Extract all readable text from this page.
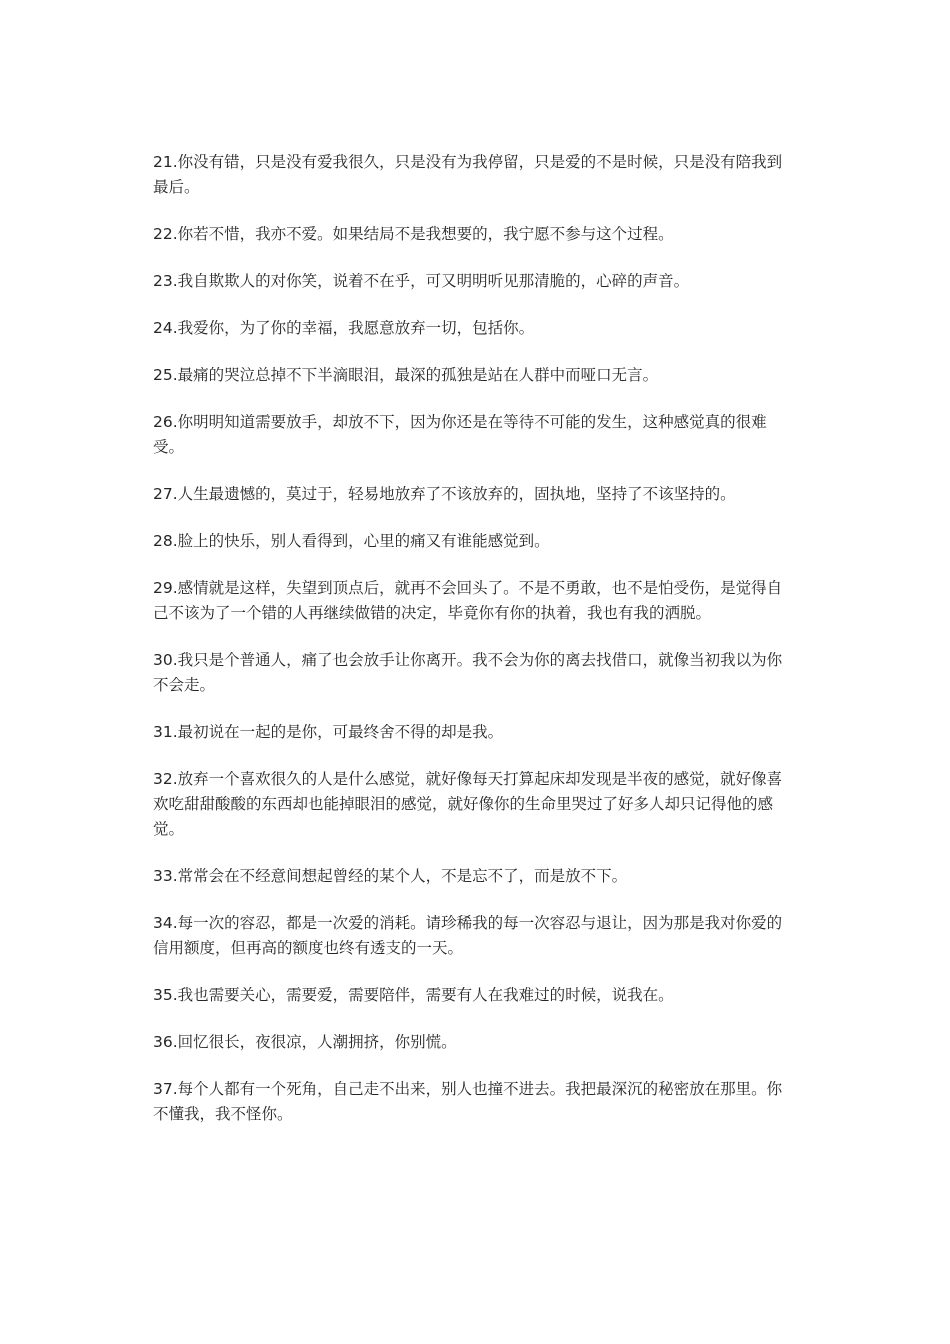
21.你没有错，只是没有爱我很久，只是没有为我停留，只是爱的不是时候，只是没有陪我到最后。

22.你若不惜，我亦不爱。如果结局不是我想要的，我宁愿不参与这个过程。

23.我自欺欺人的对你笑，说着不在乎，可又明明听见那清脆的，心碎的声音。

24.我爱你，为了你的幸福，我愿意放弃一切，包括你。

25.最痛的哭泣总掉不下半滴眼泪，最深的孤独是站在人群中而哑口无言。

26.你明明知道需要放手，却放不下，因为你还是在等待不可能的发生，这种感觉真的很难受。

27.人生最遗憾的，莫过于，轻易地放弃了不该放弃的，固执地，坚持了不该坚持的。

28.脸上的快乐，别人看得到，心里的痛又有谁能感觉到。

29.感情就是这样，失望到顶点后，就再不会回头了。不是不勇敢，也不是怕受伤，是觉得自己不该为了一个错的人再继续做错的决定，毕竟你有你的执着，我也有我的洒脱。

30.我只是个普通人，痛了也会放手让你离开。我不会为你的离去找借口，就像当初我以为你不会走。

31.最初说在一起的是你，可最终舍不得的却是我。

32.放弃一个喜欢很久的人是什么感觉，就好像每天打算起床却发现是半夜的感觉，就好像喜欢吃甜甜酸酸的东西却也能掉眼泪的感觉，就好像你的生命里哭过了好多人却只记得他的感觉。

33.常常会在不经意间想起曾经的某个人，不是忘不了，而是放不下。

34.每一次的容忍，都是一次爱的消耗。请珍稀我的每一次容忍与退让，因为那是我对你爱的信用额度，但再高的额度也终有透支的一天。

35.我也需要关心，需要爱，需要陪伴，需要有人在我难过的时候，说我在。

36.回忆很长，夜很凉，人潮拥挤，你别慌。

37.每个人都有一个死角，自己走不出来，别人也撞不进去。我把最深沉的秘密放在那里。你不懂我，我不怪你。
